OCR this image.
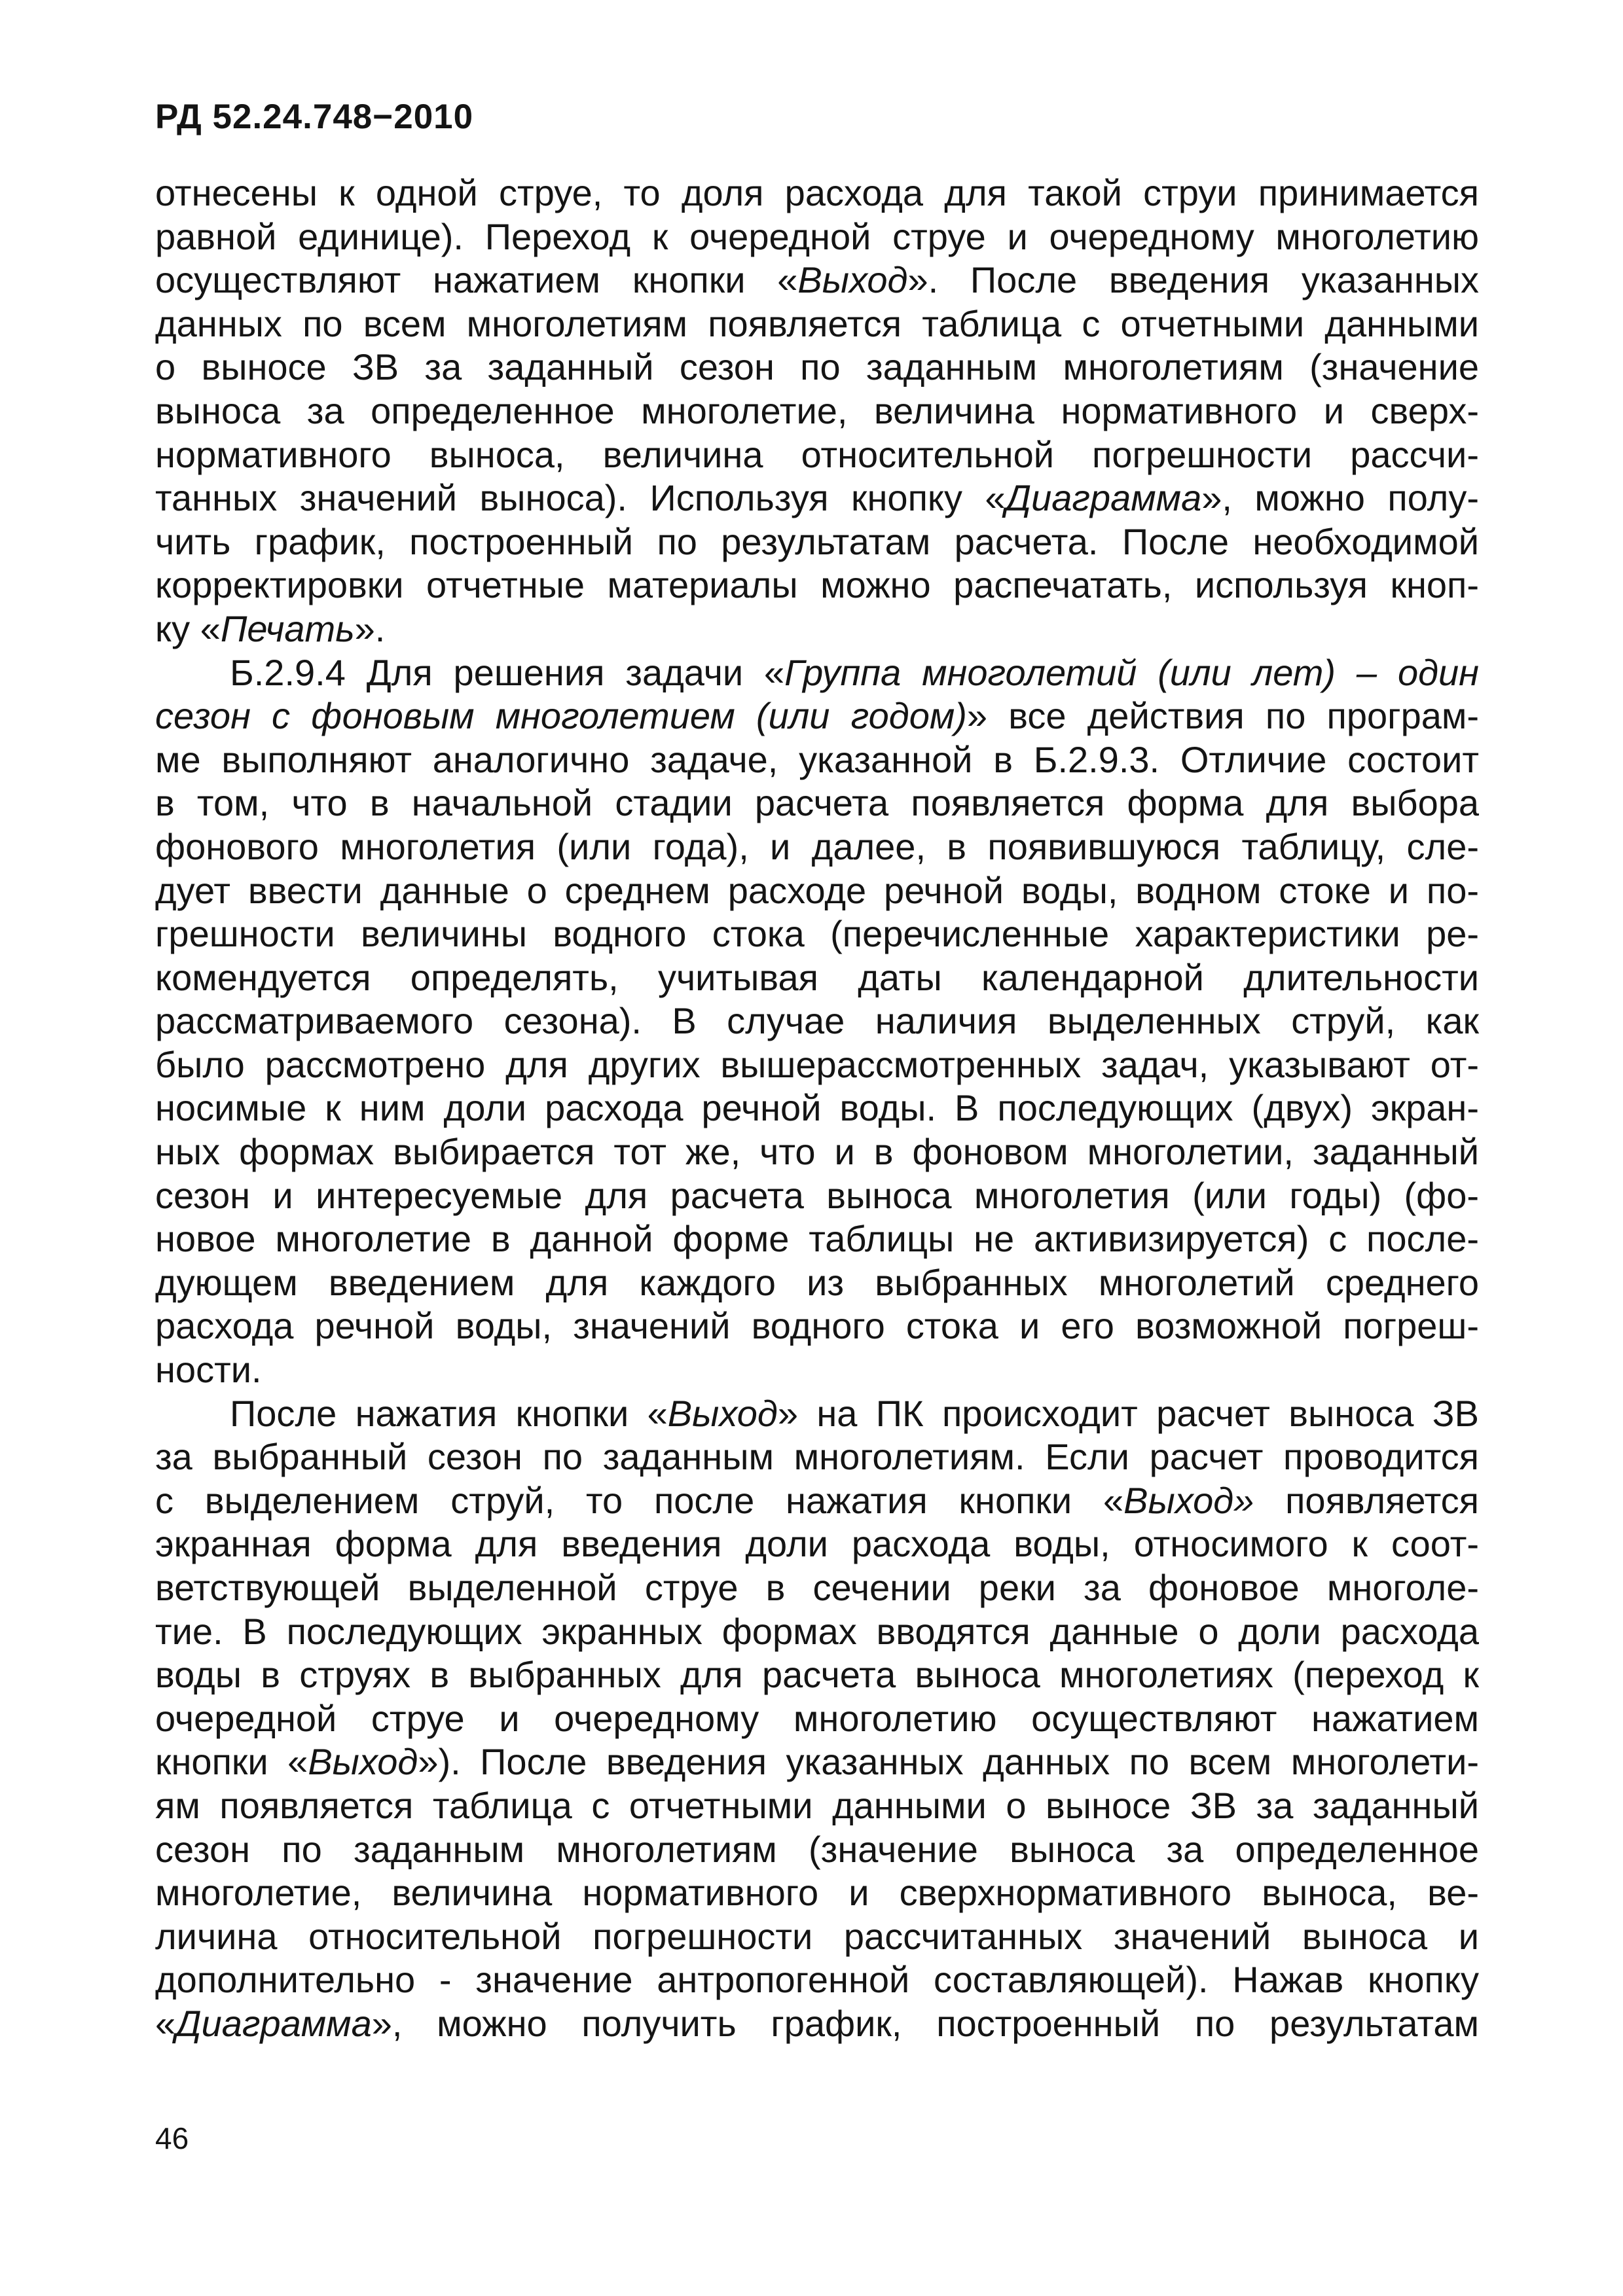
РД 52.24.748−2010

отнесены к одной струе, то доля расхода для такой струи принимается

равной единице). Переход к очередной струе и очередному многолетию

осуществляют нажатием кнопки «Выход». После введения указанных

данных по всем многолетиям появляется таблица с отчетными данными

о выносе ЗВ за заданный сезон по заданным многолетиям (значение

выноса за определенное многолетие, величина нормативного и сверх-

нормативного выноса, величина относительной погрешности рассчи-

танных значений выноса). Используя кнопку «Диаграмма», можно полу-

чить график, построенный по результатам расчета. После необходимой

корректировки отчетные материалы можно распечатать, используя кноп-

ку «Печать».

Б.2.9.4 Для решения задачи «Группа многолетий (или лет) – один

сезон с фоновым многолетием (или годом)» все действия по програм-

ме выполняют аналогично задаче, указанной в Б.2.9.3. Отличие состоит

в том, что в начальной стадии расчета появляется форма для выбора

фонового многолетия (или года), и далее, в появившуюся таблицу, сле-

дует ввести данные о среднем расходе речной воды, водном стоке и по-

грешности величины водного стока (перечисленные характеристики ре-

комендуется определять, учитывая даты календарной длительности

рассматриваемого сезона). В случае наличия выделенных струй, как

было рассмотрено для других вышерассмотренных задач, указывают от-

носимые к ним доли расхода речной воды. В последующих (двух) экран-

ных формах выбирается тот же, что и в фоновом многолетии, заданный

сезон и интересуемые для расчета выноса многолетия (или годы) (фо-

новое многолетие в данной форме таблицы не активизируется) с после-

дующем введением для каждого из выбранных многолетий среднего

расхода речной воды, значений водного стока и его возможной погреш-

ности.

После нажатия кнопки «Выход» на ПК происходит расчет выноса ЗВ

за выбранный сезон по заданным многолетиям. Если расчет проводится

с выделением струй, то после нажатия кнопки «Выход» появляется

экранная форма для введения доли расхода воды, относимого к соот-

ветствующей выделенной струе в сечении реки за фоновое многоле-

тие. В последующих экранных формах вводятся данные о доли расхода

воды в струях в выбранных для расчета выноса многолетиях (переход к

очередной струе и очередному многолетию осуществляют нажатием

кнопки «Выход»). После введения указанных данных по всем многолети-

ям появляется таблица с отчетными данными о выносе ЗВ за заданный

сезон по заданным многолетиям (значение выноса за определенное

многолетие, величина нормативного и сверхнормативного выноса, ве-

личина относительной погрешности рассчитанных значений выноса и

дополнительно - значение антропогенной составляющей). Нажав кнопку

«Диаграмма», можно получить график, построенный по результатам

46
